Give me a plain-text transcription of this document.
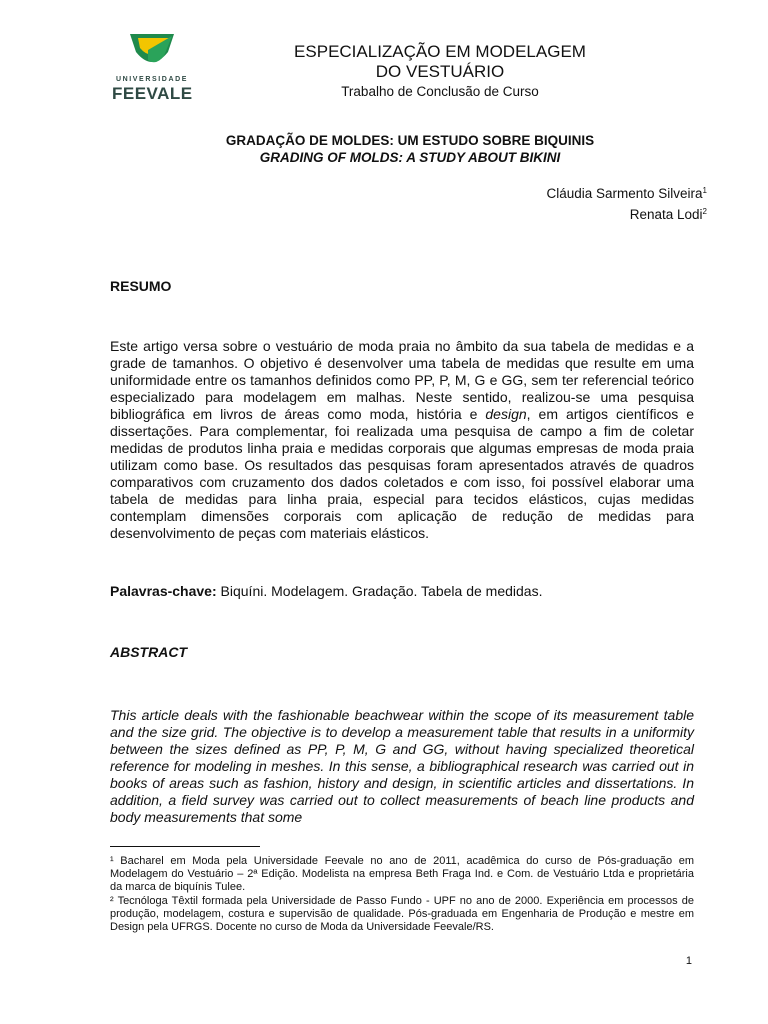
UNIVERSIDADE
FEEVALE
ESPECIALIZAÇÃO EM MODELAGEM DO VESTUÁRIO
Trabalho de Conclusão de Curso
GRADAÇÃO DE MOLDES: UM ESTUDO SOBRE BIQUINIS
GRADING OF MOLDS: A STUDY ABOUT BIKINI
Cláudia Sarmento Silveira$^1$
Renata Lodi$^2$
RESUMO
Este artigo versa sobre o vestuário de moda praia no âmbito da sua tabela de medidas e a grade de tamanhos. O objetivo é desenvolver uma tabela de medidas que resulte em uma uniformidade entre os tamanhos definidos como PP, P, M, G e GG, sem ter referencial teórico especializado para modelagem em malhas. Neste sentido, realizou-se uma pesquisa bibliográfica em livros de áreas como moda, história e design, em artigos científicos e dissertações. Para complementar, foi realizada uma pesquisa de campo a fim de coletar medidas de produtos linha praia e medidas corporais que algumas empresas de moda praia utilizam como base. Os resultados das pesquisas foram apresentados através de quadros comparativos com cruzamento dos dados coletados e com isso, foi possível elaborar uma tabela de medidas para linha praia, especial para tecidos elásticos, cujas medidas contemplam dimensões corporais com aplicação de redução de medidas para desenvolvimento de peças com materiais elásticos.
Palavras-chave: Biquíni. Modelagem. Gradação. Tabela de medidas.
ABSTRACT
This article deals with the fashionable beachwear within the scope of its measurement table and the size grid. The objective is to develop a measurement table that results in a uniformity between the sizes defined as PP, P, M, G and GG, without having specialized theoretical reference for modeling in meshes. In this sense, a bibliographical research was carried out in books of areas such as fashion, history and design, in scientific articles and dissertations. In addition, a field survey was carried out to collect measurements of beach line products and body measurements that some
¹ Bacharel em Moda pela Universidade Feevale no ano de 2011, acadêmica do curso de Pós-graduação em Modelagem do Vestuário – 2ª Edição. Modelista na empresa Beth Fraga Ind. e Com. de Vestuário Ltda e proprietária da marca de biquínis Tulee.
² Tecnóloga Têxtil formada pela Universidade de Passo Fundo - UPF no ano de 2000. Experiência em processos de produção, modelagem, costura e supervisão de qualidade. Pós-graduada em Engenharia de Produção e mestre em Design pela UFRGS. Docente no curso de Moda da Universidade Feevale/RS.
1
